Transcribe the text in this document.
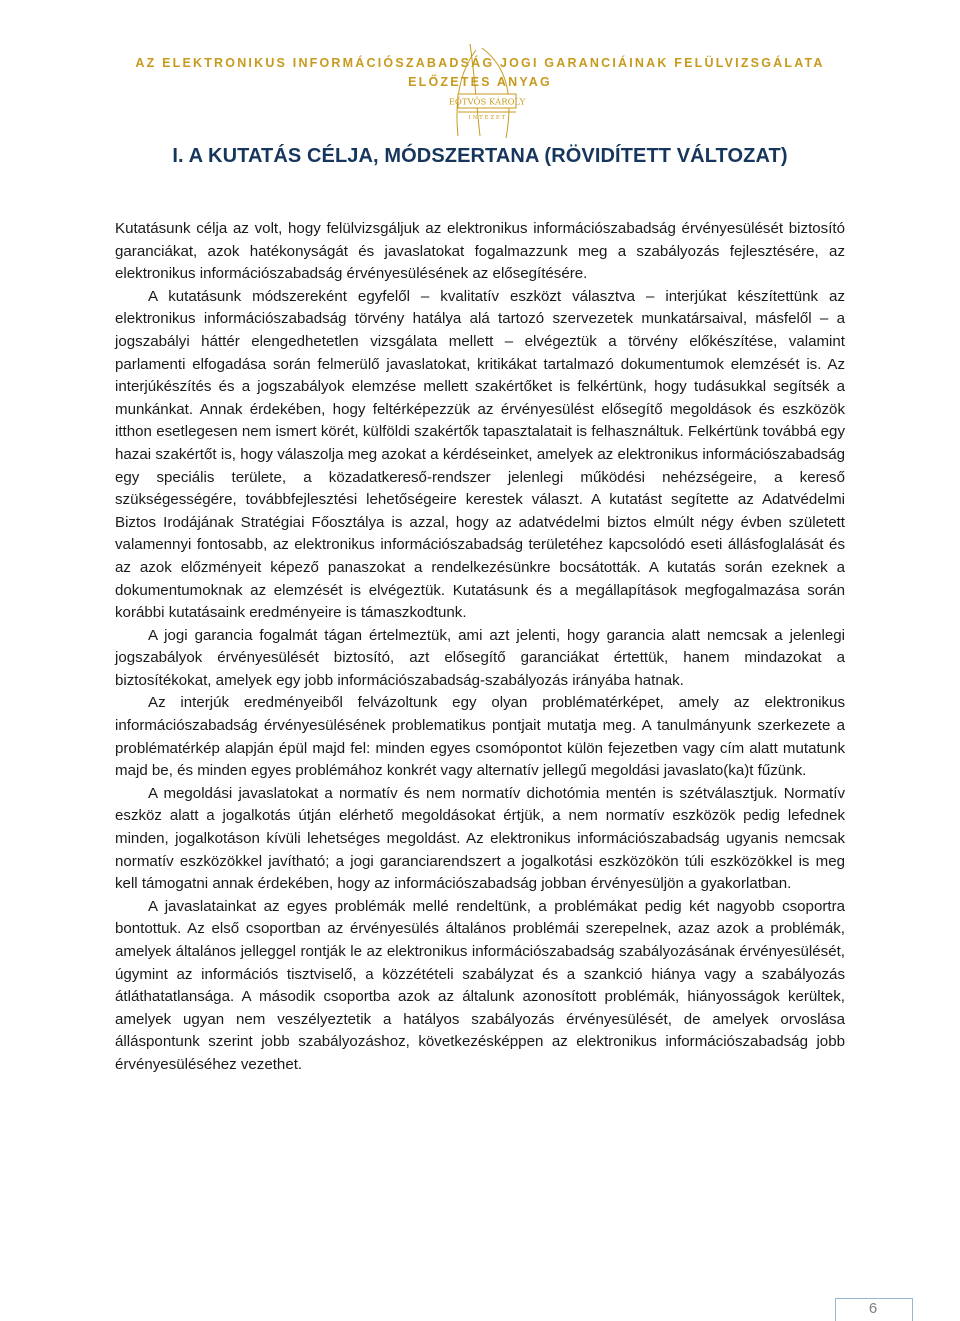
AZ ELEKTRONIKUS INFORMÁCIÓSZABADSÁG JOGI GARANCIÁINAK FELÜLVIZSGÁLATA
ELŐZETES ANYAG
EÖTVÖS KÁROLY
I N T É Z E T
I. A KUTATÁS CÉLJA, MÓDSZERTANA (RÖVIDÍTETT VÁLTOZAT)

Kutatásunk célja az volt, hogy felülvizsgáljuk az elektronikus információszabadság érvényesülését biztosító garanciákat, azok hatékonyságát és javaslatokat fogalmazzunk meg a szabályozás fejlesztésére, az elektronikus információszabadság érvényesülésének az elősegítésére.

A kutatásunk módszereként egyfelől – kvalitatív eszközt választva – interjúkat készítettünk az elektronikus információszabadság törvény hatálya alá tartozó szervezetek munkatársaival, másfelől – a jogszabályi háttér elengedhetetlen vizsgálata mellett – elvégeztük a törvény előkészítése, valamint parlamenti elfogadása során felmerülő javaslatokat, kritikákat tartalmazó dokumentumok elemzését is. Az interjúkészítés és a jogszabályok elemzése mellett szakértőket is felkértünk, hogy tudásukkal segítsék a munkánkat. Annak érdekében, hogy feltérképezzük az érvényesülést elősegítő megoldások és eszközök itthon esetlegesen nem ismert körét, külföldi szakértők tapasztalatait is felhasználtuk. Felkértünk továbbá egy hazai szakértőt is, hogy válaszolja meg azokat a kérdéseinket, amelyek az elektronikus információszabadság egy speciális területe, a közadatkereső-rendszer jelenlegi működési nehézségeire, a kereső szükségességére, továbbfejlesztési lehetőségeire kerestek választ. A kutatást segítette az Adatvédelmi Biztos Irodájának Stratégiai Főosztálya is azzal, hogy az adatvédelmi biztos elmúlt négy évben született valamennyi fontosabb, az elektronikus információszabadság területéhez kapcsolódó eseti állásfoglalását és az azok előzményeit képező panaszokat a rendelkezésünkre bocsátották. A kutatás során ezeknek a dokumentumoknak az elemzését is elvégeztük. Kutatásunk és a megállapítások megfogalmazása során korábbi kutatásaink eredményeire is támaszkodtunk.

A jogi garancia fogalmát tágan értelmeztük, ami azt jelenti, hogy garancia alatt nemcsak a jelenlegi jogszabályok érvényesülését biztosító, azt elősegítő garanciákat értettük, hanem mindazokat a biztosítékokat, amelyek egy jobb információszabadság-szabályozás irányába hatnak.

Az interjúk eredményeiből felvázoltunk egy olyan problématérképet, amely az elektronikus információszabadság érvényesülésének problematikus pontjait mutatja meg. A tanulmányunk szerkezete a problématérkép alapján épül majd fel: minden egyes csomópontot külön fejezetben vagy cím alatt mutatunk majd be, és minden egyes problémához konkrét vagy alternatív jellegű megoldási javaslato(ka)t fűzünk.

A megoldási javaslatokat a normatív és nem normatív dichotómia mentén is szétválasztjuk. Normatív eszköz alatt a jogalkotás útján elérhető megoldásokat értjük, a nem normatív eszközök pedig lefednek minden, jogalkotáson kívüli lehetséges megoldást. Az elektronikus információszabadság ugyanis nemcsak normatív eszközökkel javítható; a jogi garanciarendszert a jogalkotási eszközökön túli eszközökkel is meg kell támogatni annak érdekében, hogy az információszabadság jobban érvényesüljön a gyakorlatban.

A javaslatainkat az egyes problémák mellé rendeltünk, a problémákat pedig két nagyobb csoportra bontottuk. Az első csoportban az érvényesülés általános problémái szerepelnek, azaz azok a problémák, amelyek általános jelleggel rontják le az elektronikus információszabadság szabályozásának érvényesülését, úgymint az információs tisztviselő, a közzétételi szabályzat és a szankció hiánya vagy a szabályozás átláthatatlansága. A második csoportba azok az általunk azonosított problémák, hiányosságok kerültek, amelyek ugyan nem veszélyeztetik a hatályos szabályozás érvényesülését, de amelyek orvoslása álláspontunk szerint jobb szabályozáshoz, következésképpen az elektronikus információszabadság jobb érvényesüléséhez vezethet.

6
